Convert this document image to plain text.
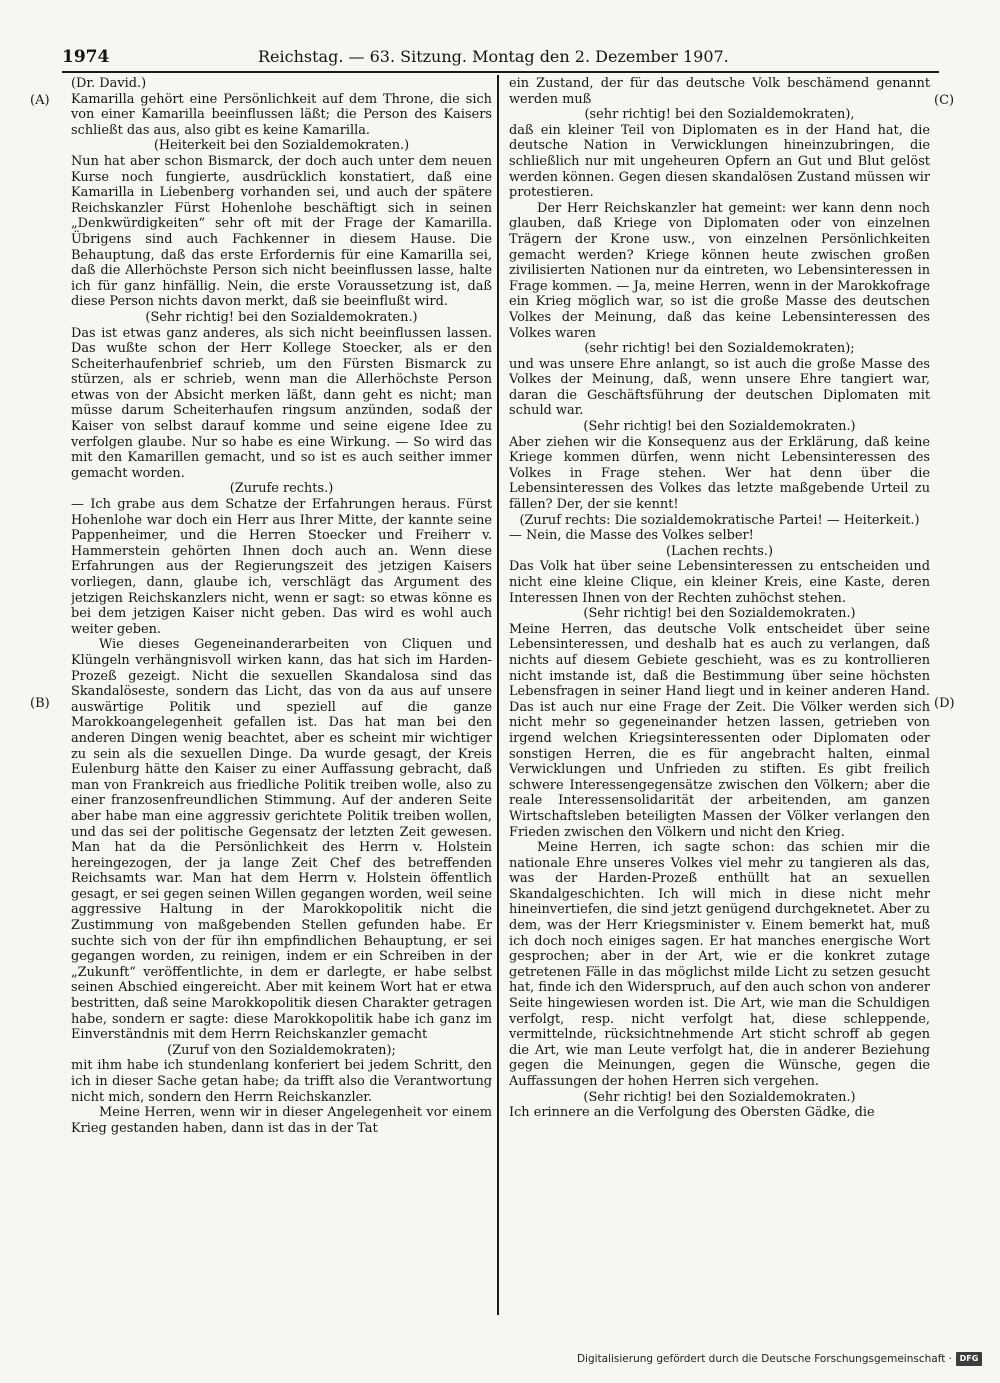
1974	Reichstag. — 63. Sitzung. Montag den 2. Dezember 1907.
(A)
(B)
(C)
(D)

(Dr. David.)

Kamarilla gehört eine Persönlichkeit auf dem Throne, die sich von einer Kamarilla beeinflussen läßt; die Person des Kaisers schließt das aus, also gibt es keine Kamarilla.

(Heiterkeit bei den Sozialdemokraten.)

Nun hat aber schon Bismarck, der doch auch unter dem neuen Kurse noch fungierte, ausdrücklich konstatiert, daß eine Kamarilla in Liebenberg vorhanden sei, und auch der spätere Reichskanzler Fürst Hohenlohe beschäftigt sich in seinen „Denkwürdigkeiten“ sehr oft mit der Frage der Kamarilla. Übrigens sind auch Fachkenner in diesem Hause. Die Behauptung, daß das erste Erfordernis für eine Kamarilla sei, daß die Allerhöchste Person sich nicht beeinflussen lasse, halte ich für ganz hinfällig. Nein, die erste Voraussetzung ist, daß diese Person nichts davon merkt, daß sie beeinflußt wird.

(Sehr richtig! bei den Sozialdemokraten.)

Das ist etwas ganz anderes, als sich nicht beeinflussen lassen. Das wußte schon der Herr Kollege Stoecker, als er den Scheiterhaufenbrief schrieb, um den Fürsten Bismarck zu stürzen, als er schrieb, wenn man die Allerhöchste Person etwas von der Absicht merken läßt, dann geht es nicht; man müsse darum Scheiterhaufen ringsum anzünden, sodaß der Kaiser von selbst darauf komme und seine eigene Idee zu verfolgen glaube. Nur so habe es eine Wirkung. — So wird das mit den Kamarillen gemacht, und so ist es auch seither immer gemacht worden.

(Zurufe rechts.)

— Ich grabe aus dem Schatze der Erfahrungen heraus. Fürst Hohenlohe war doch ein Herr aus Ihrer Mitte, der kannte seine Pappenheimer, und die Herren Stoecker und Freiherr v. Hammerstein gehörten Ihnen doch auch an. Wenn diese Erfahrungen aus der Regierungszeit des jetzigen Kaisers vorliegen, dann, glaube ich, verschlägt das Argument des jetzigen Reichskanzlers nicht, wenn er sagt: so etwas könne es bei dem jetzigen Kaiser nicht geben. Das wird es wohl auch weiter geben.

Wie dieses Gegeneinanderarbeiten von Cliquen und Klüngeln verhängnisvoll wirken kann, das hat sich im Harden-Prozeß gezeigt. Nicht die sexuellen Skandalosa sind das Skandalöseste, sondern das Licht, das von da aus auf unsere auswärtige Politik und speziell auf die ganze Marokkoangelegenheit gefallen ist. Das hat man bei den anderen Dingen wenig beachtet, aber es scheint mir wichtiger zu sein als die sexuellen Dinge. Da wurde gesagt, der Kreis Eulenburg hätte den Kaiser zu einer Auffassung gebracht, daß man von Frankreich aus friedliche Politik treiben wolle, also zu einer franzosenfreundlichen Stimmung. Auf der anderen Seite aber habe man eine aggressiv gerichtete Politik treiben wollen, und das sei der politische Gegensatz der letzten Zeit gewesen. Man hat da die Persönlichkeit des Herrn v. Holstein hereingezogen, der ja lange Zeit Chef des betreffenden Reichsamts war. Man hat dem Herrn v. Holstein öffentlich gesagt, er sei gegen seinen Willen gegangen worden, weil seine aggressive Haltung in der Marokkopolitik nicht die Zustimmung von maßgebenden Stellen gefunden habe. Er suchte sich von der für ihn empfindlichen Behauptung, er sei gegangen worden, zu reinigen, indem er ein Schreiben in der „Zukunft“ veröffentlichte, in dem er darlegte, er habe selbst seinen Abschied eingereicht. Aber mit keinem Wort hat er etwa bestritten, daß seine Marokkopolitik diesen Charakter getragen habe, sondern er sagte: diese Marokkopolitik habe ich ganz im Einverständnis mit dem Herrn Reichskanzler gemacht

(Zuruf von den Sozialdemokraten);

mit ihm habe ich stundenlang konferiert bei jedem Schritt, den ich in dieser Sache getan habe; da trifft also die Verantwortung nicht mich, sondern den Herrn Reichskanzler.

Meine Herren, wenn wir in dieser Angelegenheit vor einem Krieg gestanden haben, dann ist das in der Tat

ein Zustand, der für das deutsche Volk beschämend genannt werden muß

(sehr richtig! bei den Sozialdemokraten),

daß ein kleiner Teil von Diplomaten es in der Hand hat, die deutsche Nation in Verwicklungen hineinzubringen, die schließlich nur mit ungeheuren Opfern an Gut und Blut gelöst werden können. Gegen diesen skandalösen Zustand müssen wir protestieren.

Der Herr Reichskanzler hat gemeint: wer kann denn noch glauben, daß Kriege von Diplomaten oder von einzelnen Trägern der Krone usw., von einzelnen Persönlichkeiten gemacht werden? Kriege können heute zwischen großen zivilisierten Nationen nur da eintreten, wo Lebensinteressen in Frage kommen. — Ja, meine Herren, wenn in der Marokkofrage ein Krieg möglich war, so ist die große Masse des deutschen Volkes der Meinung, daß das keine Lebensinteressen des Volkes waren

(sehr richtig! bei den Sozialdemokraten);

und was unsere Ehre anlangt, so ist auch die große Masse des Volkes der Meinung, daß, wenn unsere Ehre tangiert war, daran die Geschäftsführung der deutschen Diplomaten mit schuld war.

(Sehr richtig! bei den Sozialdemokraten.)

Aber ziehen wir die Konsequenz aus der Erklärung, daß keine Kriege kommen dürfen, wenn nicht Lebensinteressen des Volkes in Frage stehen. Wer hat denn über die Lebensinteressen des Volkes das letzte maßgebende Urteil zu fällen? Der, der sie kennt!

(Zuruf rechts: Die sozialdemokratische Partei! — Heiterkeit.)

— Nein, die Masse des Volkes selber!

(Lachen rechts.)

Das Volk hat über seine Lebensinteressen zu entscheiden und nicht eine kleine Clique, ein kleiner Kreis, eine Kaste, deren Interessen Ihnen von der Rechten zuhöchst stehen.

(Sehr richtig! bei den Sozialdemokraten.)

Meine Herren, das deutsche Volk entscheidet über seine Lebensinteressen, und deshalb hat es auch zu verlangen, daß nichts auf diesem Gebiete geschieht, was es zu kontrollieren nicht imstande ist, daß die Bestimmung über seine höchsten Lebensfragen in seiner Hand liegt und in keiner anderen Hand. Das ist auch nur eine Frage der Zeit. Die Völker werden sich nicht mehr so gegeneinander hetzen lassen, getrieben von irgend welchen Kriegsinteressenten oder Diplomaten oder sonstigen Herren, die es für angebracht halten, einmal Verwicklungen und Unfrieden zu stiften. Es gibt freilich schwere Interessengegensätze zwischen den Völkern; aber die reale Interessensolidarität der arbeitenden, am ganzen Wirtschaftsleben beteiligten Massen der Völker verlangen den Frieden zwischen den Völkern und nicht den Krieg.

Meine Herren, ich sagte schon: das schien mir die nationale Ehre unseres Volkes viel mehr zu tangieren als das, was der Harden-Prozeß enthüllt hat an sexuellen Skandalgeschichten. Ich will mich in diese nicht mehr hineinvertiefen, die sind jetzt genügend durchgeknetet. Aber zu dem, was der Herr Kriegsminister v. Einem bemerkt hat, muß ich doch noch einiges sagen. Er hat manches energische Wort gesprochen; aber in der Art, wie er die konkret zutage getretenen Fälle in das möglichst milde Licht zu setzen gesucht hat, finde ich den Widerspruch, auf den auch schon von anderer Seite hingewiesen worden ist. Die Art, wie man die Schuldigen verfolgt, resp. nicht verfolgt hat, diese schleppende, vermittelnde, rücksichtnehmende Art sticht schroff ab gegen die Art, wie man Leute verfolgt hat, die in anderer Beziehung gegen die Meinungen, gegen die Wünsche, gegen die Auffassungen der hohen Herren sich vergehen.

(Sehr richtig! bei den Sozialdemokraten.)

Ich erinnere an die Verfolgung des Obersten Gädke, die

Digitalisierung gefördert durch die Deutsche Forschungsgemeinschaft · DFG
